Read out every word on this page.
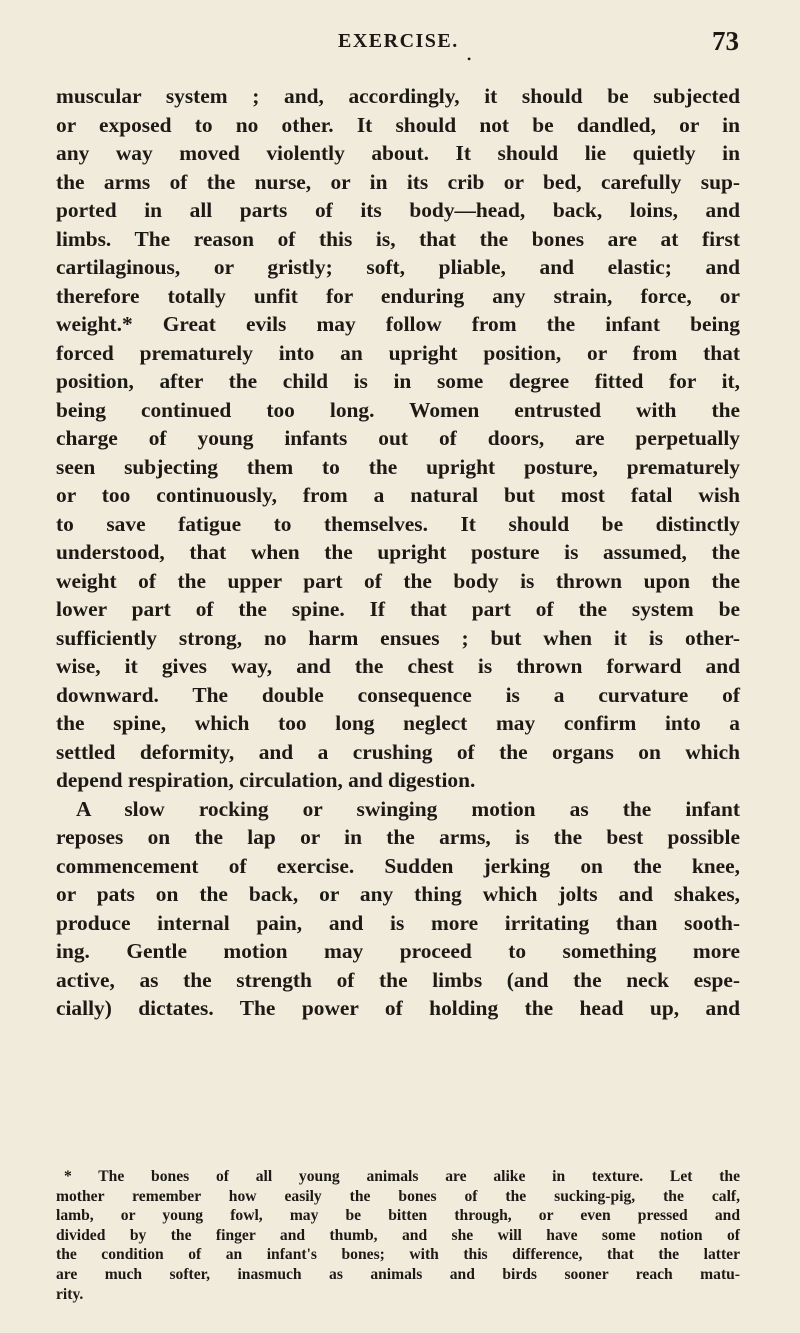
EXERCISE.
•
73
muscular system ; and, accordingly, it should be subjected
or exposed to no other. It should not be dandled, or in
any way moved violently about. It should lie quietly in
the arms of the nurse, or in its crib or bed, carefully sup-
ported in all parts of its body—head, back, loins, and
limbs. The reason of this is, that the bones are at first
cartilaginous, or gristly; soft, pliable, and elastic; and
therefore totally unfit for enduring any strain, force, or
weight.* Great evils may follow from the infant being
forced prematurely into an upright position, or from that
position, after the child is in some degree fitted for it,
being continued too long. Women entrusted with the
charge of young infants out of doors, are perpetually
seen subjecting them to the upright posture, prematurely
or too continuously, from a natural but most fatal wish
to save fatigue to themselves. It should be distinctly
understood, that when the upright posture is assumed, the
weight of the upper part of the body is thrown upon the
lower part of the spine. If that part of the system be
sufficiently strong, no harm ensues ; but when it is other-
wise, it gives way, and the chest is thrown forward and
downward. The double consequence is a curvature of
the spine, which too long neglect may confirm into a
settled deformity, and a crushing of the organs on which
depend respiration, circulation, and digestion.
A slow rocking or swinging motion as the infant
reposes on the lap or in the arms, is the best possible
commencement of exercise. Sudden jerking on the knee,
or pats on the back, or any thing which jolts and shakes,
produce internal pain, and is more irritating than sooth-
ing. Gentle motion may proceed to something more
active, as the strength of the limbs (and the neck espe-
cially) dictates. The power of holding the head up, and
* The bones of all young animals are alike in texture. Let the
mother remember how easily the bones of the sucking-pig, the calf,
lamb, or young fowl, may be bitten through, or even pressed and
divided by the finger and thumb, and she will have some notion of
the condition of an infant's bones; with this difference, that the latter
are much softer, inasmuch as animals and birds sooner reach matu-
rity.
